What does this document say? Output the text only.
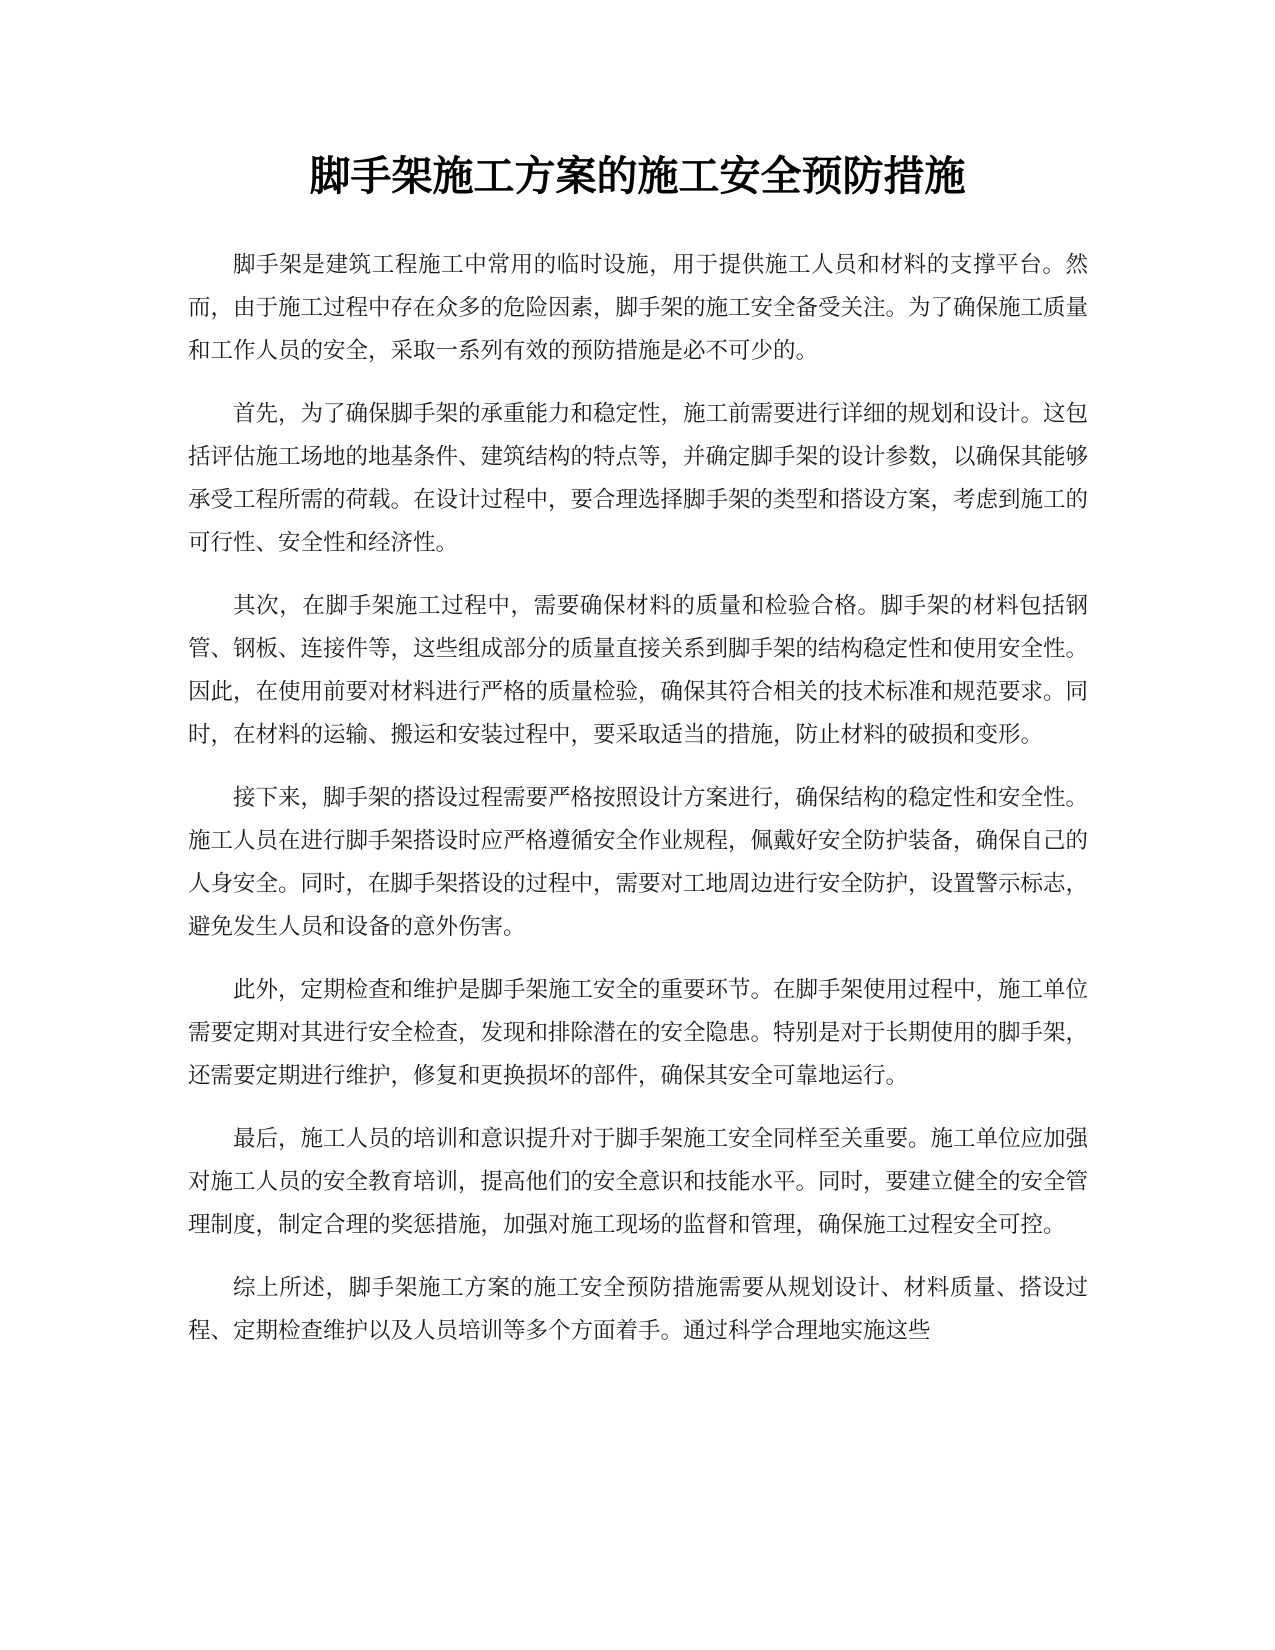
脚手架施工方案的施工安全预防措施

脚手架是建筑工程施工中常用的临时设施，用于提供施工人员和材料的支撑平台。然而，由于施工过程中存在众多的危险因素，脚手架的施工安全备受关注。为了确保施工质量和工作人员的安全，采取一系列有效的预防措施是必不可少的。

首先，为了确保脚手架的承重能力和稳定性，施工前需要进行详细的规划和设计。这包括评估施工场地的地基条件、建筑结构的特点等，并确定脚手架的设计参数，以确保其能够承受工程所需的荷载。在设计过程中，要合理选择脚手架的类型和搭设方案，考虑到施工的可行性、安全性和经济性。

其次，在脚手架施工过程中，需要确保材料的质量和检验合格。脚手架的材料包括钢管、钢板、连接件等，这些组成部分的质量直接关系到脚手架的结构稳定性和使用安全性。因此，在使用前要对材料进行严格的质量检验，确保其符合相关的技术标准和规范要求。同时，在材料的运输、搬运和安装过程中，要采取适当的措施，防止材料的破损和变形。

接下来，脚手架的搭设过程需要严格按照设计方案进行，确保结构的稳定性和安全性。施工人员在进行脚手架搭设时应严格遵循安全作业规程，佩戴好安全防护装备，确保自己的人身安全。同时，在脚手架搭设的过程中，需要对工地周边进行安全防护，设置警示标志，避免发生人员和设备的意外伤害。

此外，定期检查和维护是脚手架施工安全的重要环节。在脚手架使用过程中，施工单位需要定期对其进行安全检查，发现和排除潜在的安全隐患。特别是对于长期使用的脚手架，还需要定期进行维护，修复和更换损坏的部件，确保其安全可靠地运行。

最后，施工人员的培训和意识提升对于脚手架施工安全同样至关重要。施工单位应加强对施工人员的安全教育培训，提高他们的安全意识和技能水平。同时，要建立健全的安全管理制度，制定合理的奖惩措施，加强对施工现场的监督和管理，确保施工过程安全可控。

综上所述，脚手架施工方案的施工安全预防措施需要从规划设计、材料质量、搭设过程、定期检查维护以及人员培训等多个方面着手。通过科学合理地实施这些
